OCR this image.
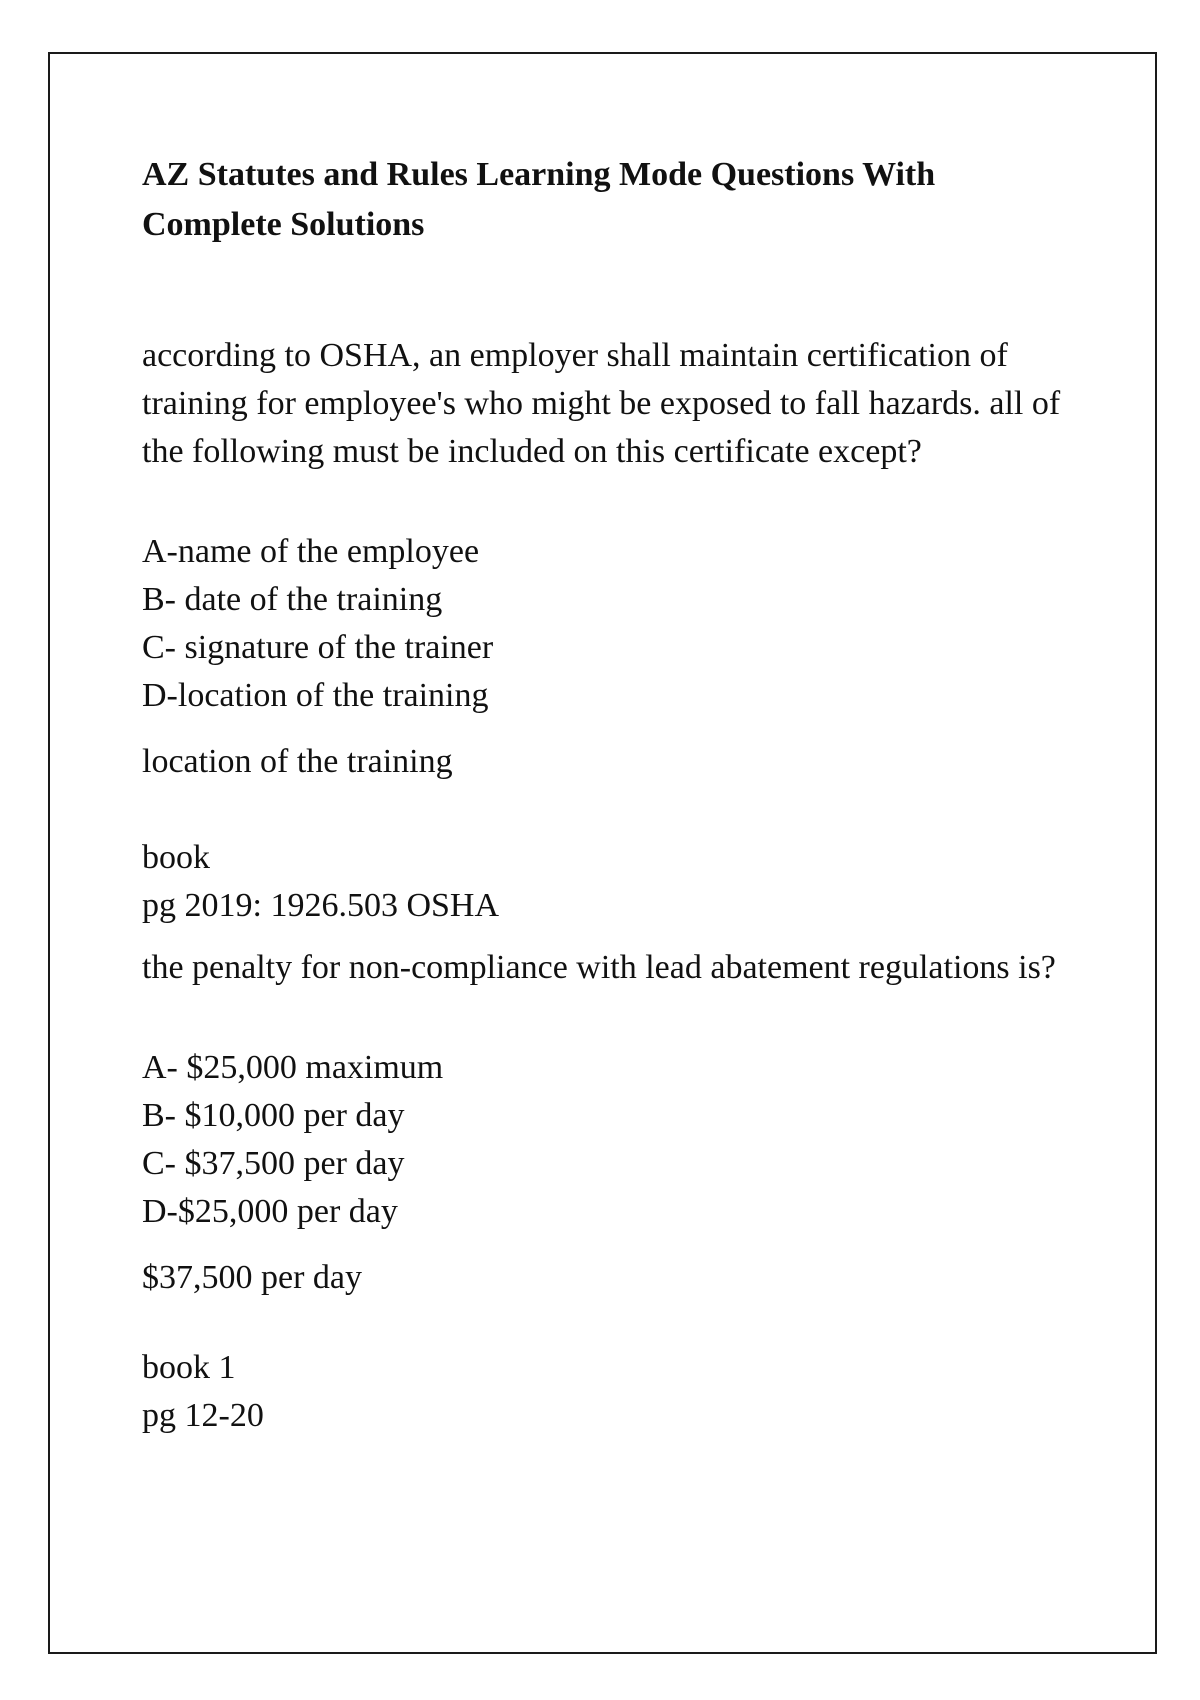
AZ Statutes and Rules Learning Mode Questions With Complete Solutions

according to OSHA, an employer shall maintain certification of training for employee's who might be exposed to fall hazards. all of the following must be included on this certificate except?

A-name of the employee
B- date of the training
C- signature of the trainer
D-location of the training

location of the training

book
pg 2019: 1926.503 OSHA

the penalty for non-compliance with lead abatement regulations is?

A- $25,000 maximum
B- $10,000 per day
C- $37,500 per day
D-$25,000 per day

$37,500 per day

book 1
pg 12-20
